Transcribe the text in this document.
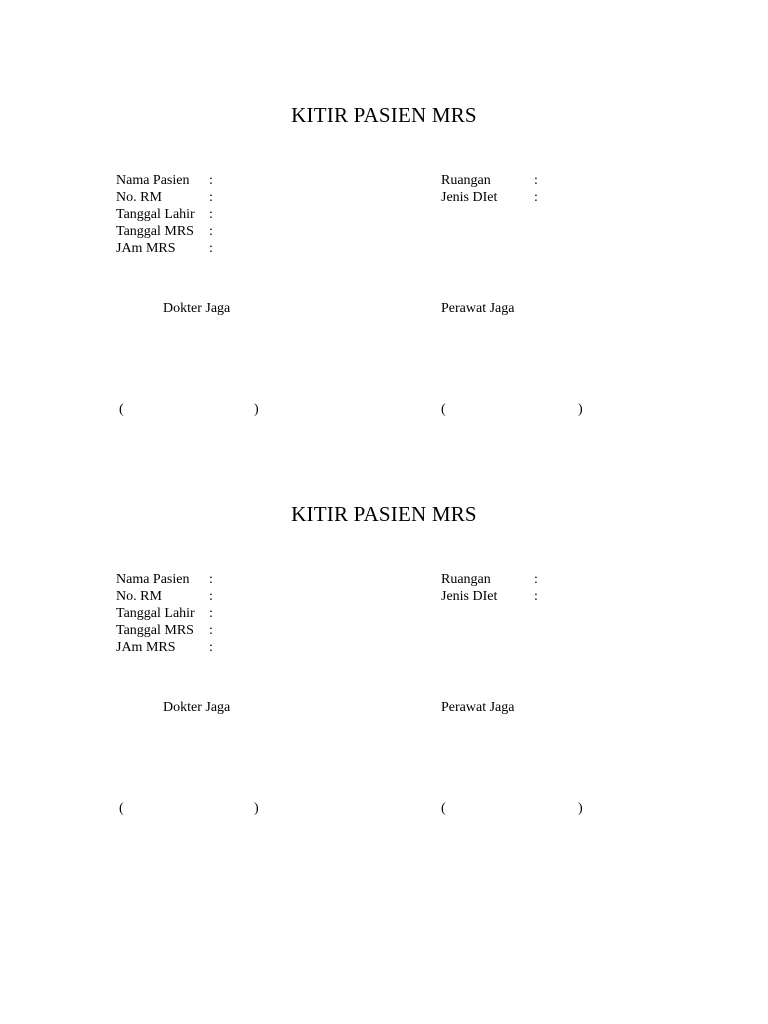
KITIR PASIEN MRS
Nama Pasien	:
No. RM	:
Tanggal Lahir	:
Tanggal MRS	:
JAm MRS	:
Ruangan	:
Jenis DIet	:
Dokter Jaga	Perawat Jaga
(	)	(	)
KITIR PASIEN MRS
Nama Pasien	:
No. RM	:
Tanggal Lahir	:
Tanggal MRS	:
JAm MRS	:
Ruangan	:
Jenis DIet	:
Dokter Jaga	Perawat Jaga
(	)	(	)
